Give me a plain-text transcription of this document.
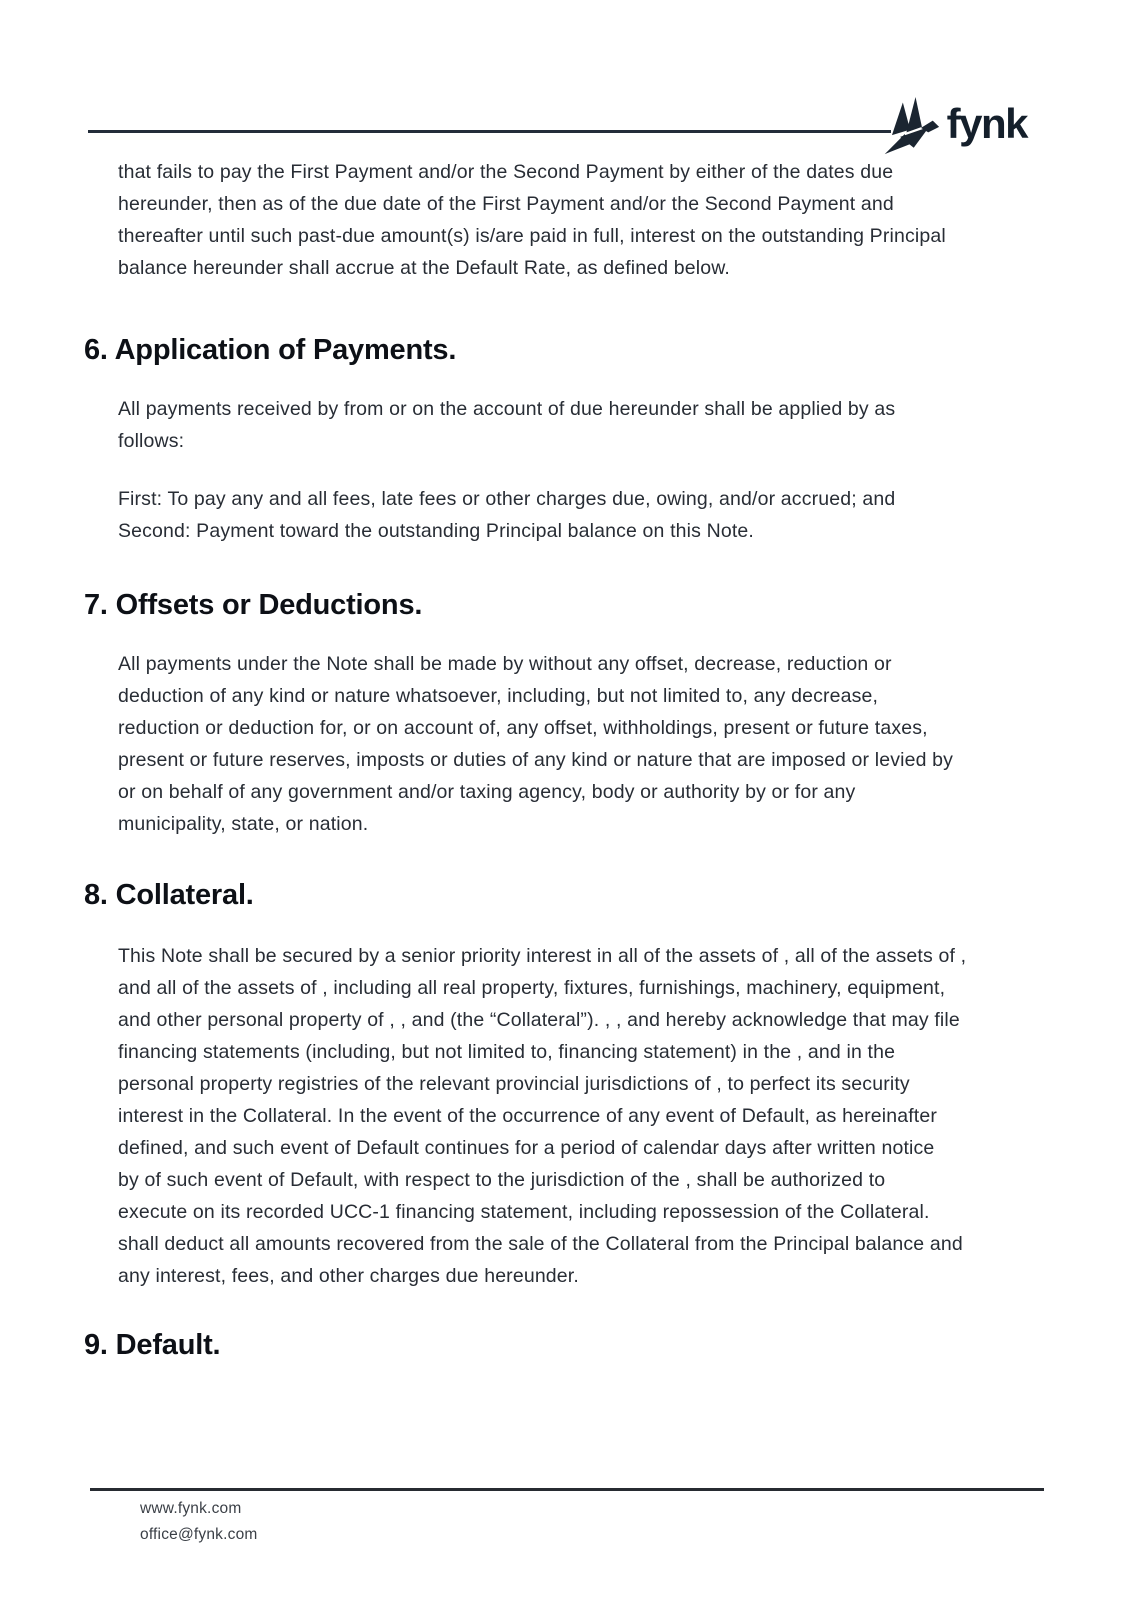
fynk
that fails to pay the First Payment and/or the Second Payment by either of the dates due
hereunder, then as of the due date of the First Payment and/or the Second Payment and
thereafter until such past-due amount(s) is/are paid in full, interest on the outstanding Principal
balance hereunder shall accrue at the Default Rate, as defined below.
6. Application of Payments.
All payments received by from or on the account of due hereunder shall be applied by as
follows:
First: To pay any and all fees, late fees or other charges due, owing, and/or accrued; and
Second: Payment toward the outstanding Principal balance on this Note.
7. Offsets or Deductions.
All payments under the Note shall be made by without any offset, decrease, reduction or
deduction of any kind or nature whatsoever, including, but not limited to, any decrease,
reduction or deduction for, or on account of, any offset, withholdings, present or future taxes,
present or future reserves, imposts or duties of any kind or nature that are imposed or levied by
or on behalf of any government and/or taxing agency, body or authority by or for any
municipality, state, or nation.
8. Collateral.
This Note shall be secured by a senior priority interest in all of the assets of , all of the assets of ,
and all of the assets of , including all real property, fixtures, furnishings, machinery, equipment,
and other personal property of , , and (the “Collateral”). , , and hereby acknowledge that may file
financing statements (including, but not limited to, financing statement) in the , and in the
personal property registries of the relevant provincial jurisdictions of , to perfect its security
interest in the Collateral. In the event of the occurrence of any event of Default, as hereinafter
defined, and such event of Default continues for a period of calendar days after written notice
by of such event of Default, with respect to the jurisdiction of the , shall be authorized to
execute on its recorded UCC-1 financing statement, including repossession of the Collateral.
shall deduct all amounts recovered from the sale of the Collateral from the Principal balance and
any interest, fees, and other charges due hereunder.
9. Default.
www.fynk.com
office@fynk.com
